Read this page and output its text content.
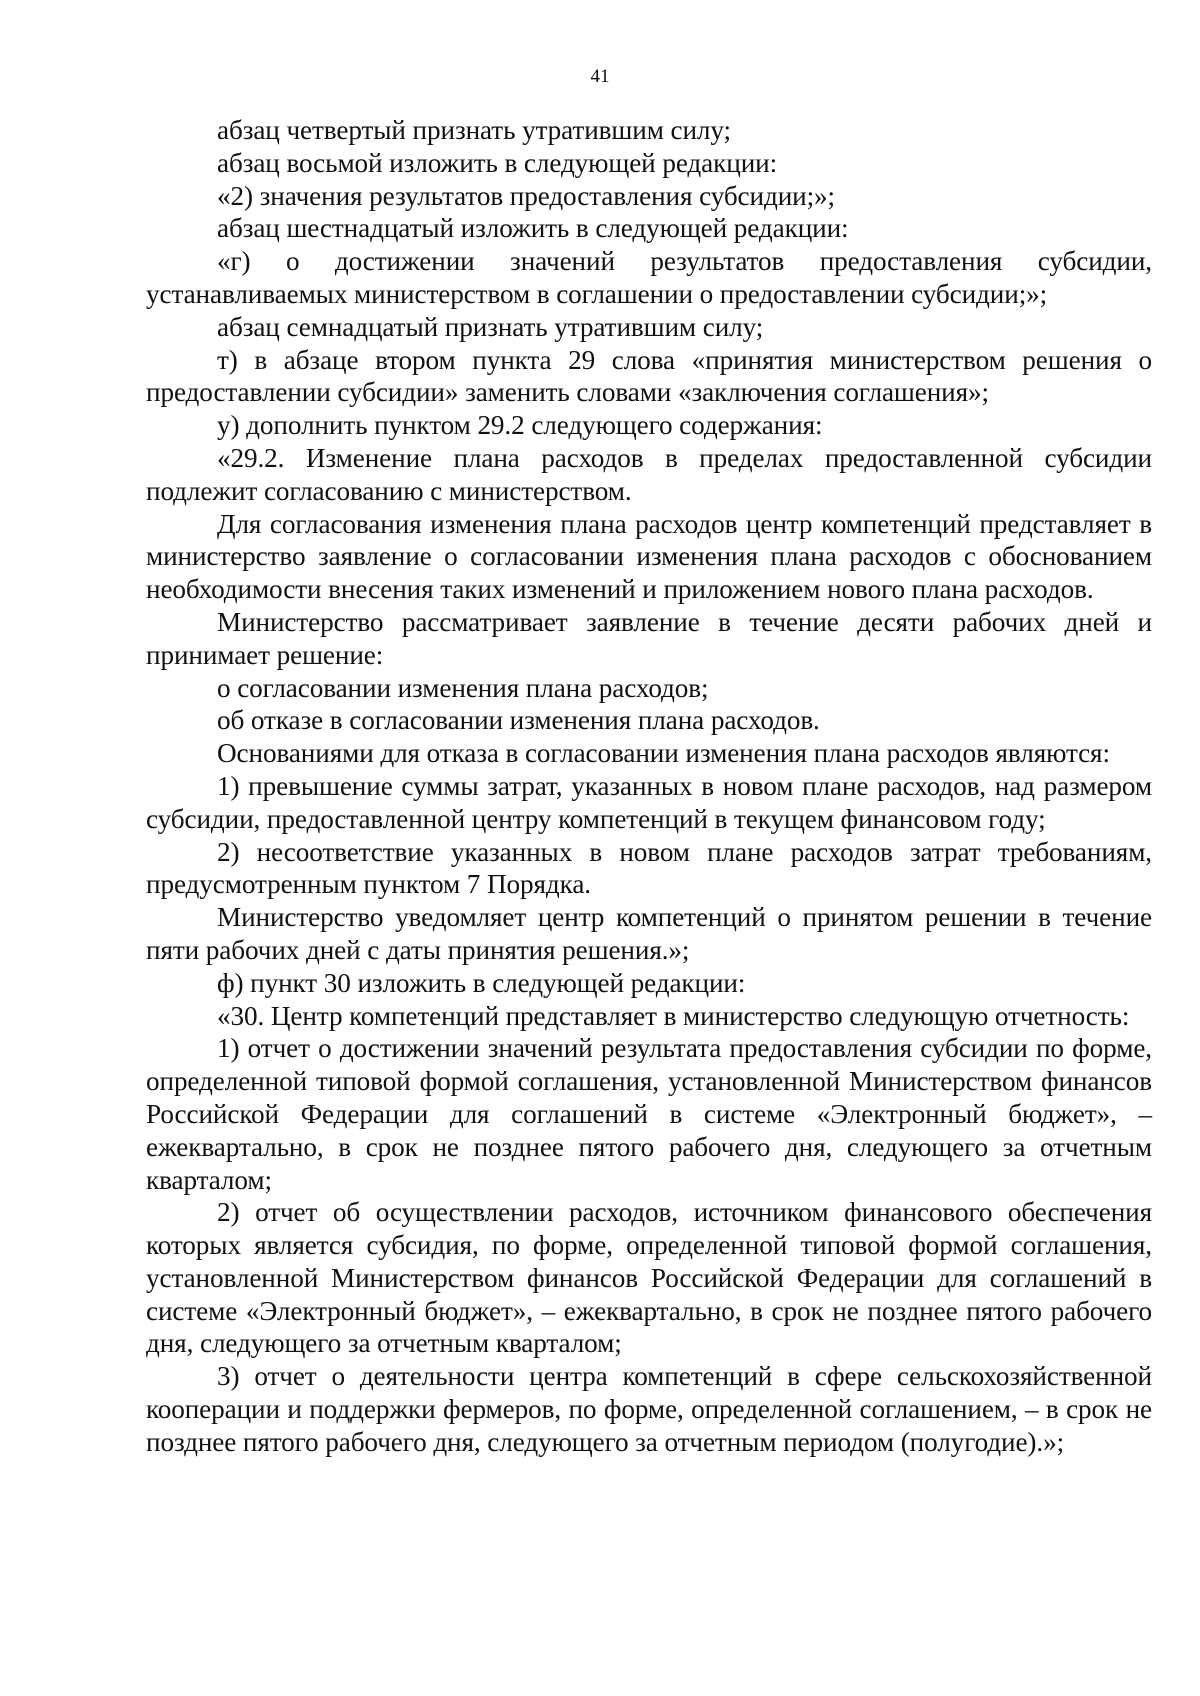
41

абзац четвертый признать утратившим силу;

абзац восьмой изложить в следующей редакции:

«2) значения результатов предоставления субсидии;»;

абзац шестнадцатый изложить в следующей редакции:

«г) о достижении значений результатов предоставления субсидии, устанавливаемых министерством в соглашении о предоставлении субсидии;»;

абзац семнадцатый признать утратившим силу;

т) в абзаце втором пункта 29 слова «принятия министерством решения о предоставлении субсидии» заменить словами «заключения соглашения»;

у) дополнить пунктом 29.2 следующего содержания:

«29.2. Изменение плана расходов в пределах предоставленной субсидии подлежит согласованию с министерством.

Для согласования изменения плана расходов центр компетенций представляет в министерство заявление о согласовании изменения плана расходов с обоснованием необходимости внесения таких изменений и приложением нового плана расходов.

Министерство рассматривает заявление в течение десяти рабочих дней и принимает решение:

о согласовании изменения плана расходов;

об отказе в согласовании изменения плана расходов.

Основаниями для отказа в согласовании изменения плана расходов являются:

1) превышение суммы затрат, указанных в новом плане расходов, над размером субсидии, предоставленной центру компетенций в текущем финансовом году;

2) несоответствие указанных в новом плане расходов затрат требованиям, предусмотренным пунктом 7 Порядка.

Министерство уведомляет центр компетенций о принятом решении в течение пяти рабочих дней с даты принятия решения.»;

ф) пункт 30 изложить в следующей редакции:

«30. Центр компетенций представляет в министерство следующую отчетность:

1) отчет о достижении значений результата предоставления субсидии по форме, определенной типовой формой соглашения, установленной Министерством финансов Российской Федерации для соглашений в системе «Электронный бюджет», – ежеквартально, в срок не позднее пятого рабочего дня, следующего за отчетным кварталом;

2) отчет об осуществлении расходов, источником финансового обеспечения которых является субсидия, по форме, определенной типовой формой соглашения, установленной Министерством финансов Российской Федерации для соглашений в системе «Электронный бюджет», – ежеквартально, в срок не позднее пятого рабочего дня, следующего за отчетным кварталом;

3) отчет о деятельности центра компетенций в сфере сельскохозяйственной кооперации и поддержки фермеров, по форме, определенной соглашением, – в срок не позднее пятого рабочего дня, следующего за отчетным периодом (полугодие).»;
